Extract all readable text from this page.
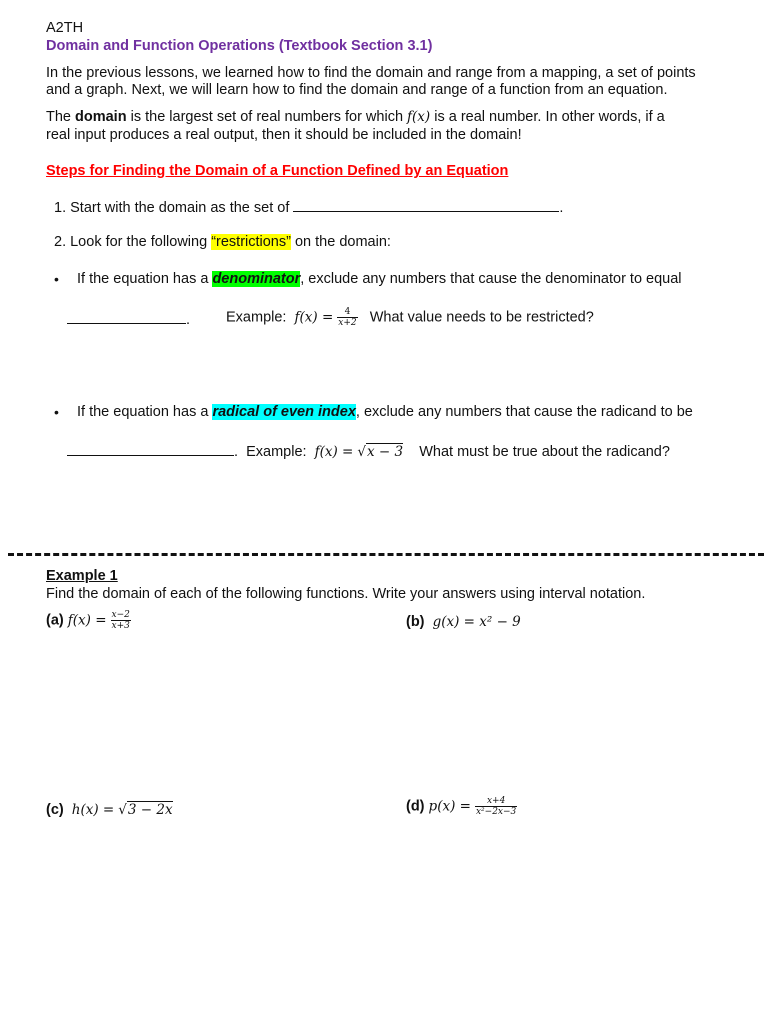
A2TH
Domain and Function Operations (Textbook Section 3.1)
In the previous lessons, we learned how to find the domain and range from a mapping, a set of points
and a graph. Next, we will learn how to find the domain and range of a function from an equation.
The domain is the largest set of real numbers for which f(x) is a real number. In other words, if a
real input produces a real output, then it should be included in the domain!
Steps for Finding the Domain of a Function Defined by an Equation
1. Start with the domain as the set of	.
2. Look for the following “restrictions” on the domain:
• If the equation has a denominator, exclude any numbers that cause the denominator to equal
. Example: $f(x) = \frac{4}{x+2}$ What value needs to be restricted?
• If the equation has a radical of even index, exclude any numbers that cause the radicand to be
. Example: f(x) = √x − 3 What must be true about the radicand?
Example 1
Find the domain of each of the following functions. Write your answers using interval notation.
(a) $f(x) = \frac{x-2}{x+3}$	(b) g(x) = x² − 9
(c) h(x) = √3 − 2x	(d) $p(x) = \frac{x+4}{\text{x²−2x−3}}$
